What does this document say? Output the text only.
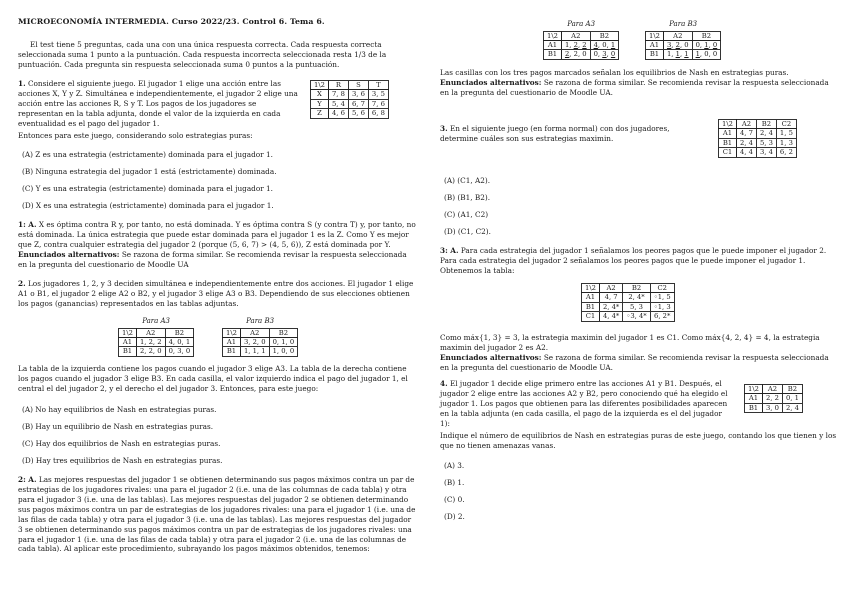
MICROECONOMÍA INTERMEDIA. Curso 2022/23. Control 6. Tema 6.
El test tiene 5 preguntas, cada una con una única respuesta correcta. Cada respuesta correcta seleccionada suma 1 punto a la puntuación. Cada respuesta incorrecta seleccionada resta 1/3 de la puntuación. Cada pregunta sin respuesta seleccionada suma 0 puntos a la puntuación.
1. Considere el siguiente juego. El jugador 1 elige una acción entre las acciones X, Y y Z. Simultánea e independientemente, el jugador 2 elige una acción entre las acciones R, S y T. Los pagos de los jugadores se representan en la tabla adjunta, donde el valor de la izquierda en cada eventualidad es el pago del jugador 1.
1\2	R	S	T
X	7, 8	3, 6	3, 5
Y	5, 4	6, 7	7, 6
Z	4, 6	5, 6	6, 8
Entonces para este juego, considerando solo estrategias puras:
(A) Z es una estrategia (estrictamente) dominada para el jugador 1.
(B) Ninguna estrategia del jugador 1 está (estrictamente) dominada.
(C) Y es una estrategia (estrictamente) dominada para el jugador 1.
(D) X es una estrategia (estrictamente) dominada para el jugador 1.
1: A. X es óptima contra R y, por tanto, no está dominada. Y es óptima contra S (y contra T) y, por tanto, no está dominada. La única estrategia que puede estar dominada para el jugador 1 es la Z. Como Y es mejor que Z, contra cualquier estrategia del jugador 2 (porque (5, 6, 7) > (4, 5, 6)), Z está dominada por Y.
Enunciados alternativos: Se razona de forma similar. Se recomienda revisar la respuesta seleccionada en la pregunta del cuestionario de Moodle UA
2. Los jugadores 1, 2, y 3 deciden simultánea e independientemente entre dos acciones. El jugador 1 elige A1 o B1, el jugador 2 elige A2 o B2, y el jugador 3 elige A3 o B3. Dependiendo de sus elecciones obtienen los pagos (ganancias) representados en las tablas adjuntas.
Para A3
1\2	A2	B2
A1	1, 2, 2	4, 0, 1
B1	2, 2, 0	0, 3, 0
Para B3
1\2	A2	B2
A1	3, 2, 0	0, 1, 0
B1	1, 1, 1	1, 0, 0
La tabla de la izquierda contiene los pagos cuando el jugador 3 elige A3. La tabla de la derecha contiene los pagos cuando el jugador 3 elige B3. En cada casilla, el valor izquierdo indica el pago del jugador 1, el central el del jugador 2, y el derecho el del jugador 3. Entonces, para este juego:
(A) No hay equilibrios de Nash en estrategias puras.
(B) Hay un equilibrio de Nash en estrategias puras.
(C) Hay dos equilibrios de Nash en estrategias puras.
(D) Hay tres equilibrios de Nash en estrategias puras.
2: A. Las mejores respuestas del jugador 1 se obtienen determinando sus pagos máximos contra un par de estrategias de los jugadores rivales: una para el jugador 2 (i.e. una de las columnas de cada tabla) y otra para el jugador 3 (i.e. una de las tablas). Las mejores respuestas del jugador 2 se obtienen determinando sus pagos máximos contra un par de estrategias de los jugadores rivales: una para el jugador 1 (i.e. una de las filas de cada tabla) y otra para el jugador 3 (i.e. una de las tablas). Las mejores respuestas del jugador 3 se obtienen determinando sus pagos máximos contra un par de estrategias de los jugadores rivales: una para el jugador 1 (i.e. una de las filas de cada tabla) y otra para el jugador 2 (i.e. una de las columnas de cada tabla). Al aplicar este procedimiento, subrayando los pagos máximos obtenidos, tenemos:
Para A3
1\2	A2	B2
A1	1, 2, 2	4, 0, 1
B1	2, 2, 0	0, 3, 0
Para B3
1\2	A2	B2
A1	3, 2, 0	0, 1, 0
B1	1, 1, 1	1, 0, 0
Las casillas con los tres pagos marcados señalan los equilibrios de Nash en estrategias puras.
Enunciados alternativos: Se razona de forma similar. Se recomienda revisar la respuesta seleccionada en la pregunta del cuestionario de Moodle UA.
3. En el siguiente juego (en forma normal) con dos jugadores, determine cuáles son sus estrategias maximin.
1\2	A2	B2	C2
A1	4, 7	2, 4	1, 5
B1	2, 4	5, 3	1, 3
C1	4, 4	3, 4	6, 2
(A) (C1, A2).
(B) (B1, B2).
(C) (A1, C2)
(D) (C1, C2).
3: A. Para cada estrategia del jugador 1 señalamos los peores pagos que le puede imponer el jugador 2. Para cada estrategia del jugador 2 señalamos los peores pagos que le puede imponer el jugador 1. Obtenemos la tabla:
1\2	A2	B2	C2
A1	4, 7	2, 4*	◦1, 5
B1	2, 4*	5, 3	◦1, 3
C1	4, 4*	◦3, 4*	6, 2*
Como máx{1, 3} = 3, la estrategia maximin del jugador 1 es C1. Como máx{4, 2, 4} = 4, la estrategia maximin del jugador 2 es A2.
Enunciados alternativos: Se razona de forma similar. Se recomienda revisar la respuesta seleccionada en la pregunta del cuestionario de Moodle UA.
4. El jugador 1 decide elige primero entre las acciones A1 y B1. Después, el jugador 2 elige entre las acciones A2 y B2, pero conociendo qué ha elegido el jugador 1. Los pagos que obtienen para las diferentes posibilidades aparecen en la tabla adjunta (en cada casilla, el pago de la izquierda es el del jugador 1):
1\2	A2	B2
A1	2, 2	0, 1
B1	3, 0	2, 4
Indique el número de equilibrios de Nash en estrategias puras de este juego, contando los que tienen y los que no tienen amenazas vanas.
(A) 3.
(B) 1.
(C) 0.
(D) 2.
